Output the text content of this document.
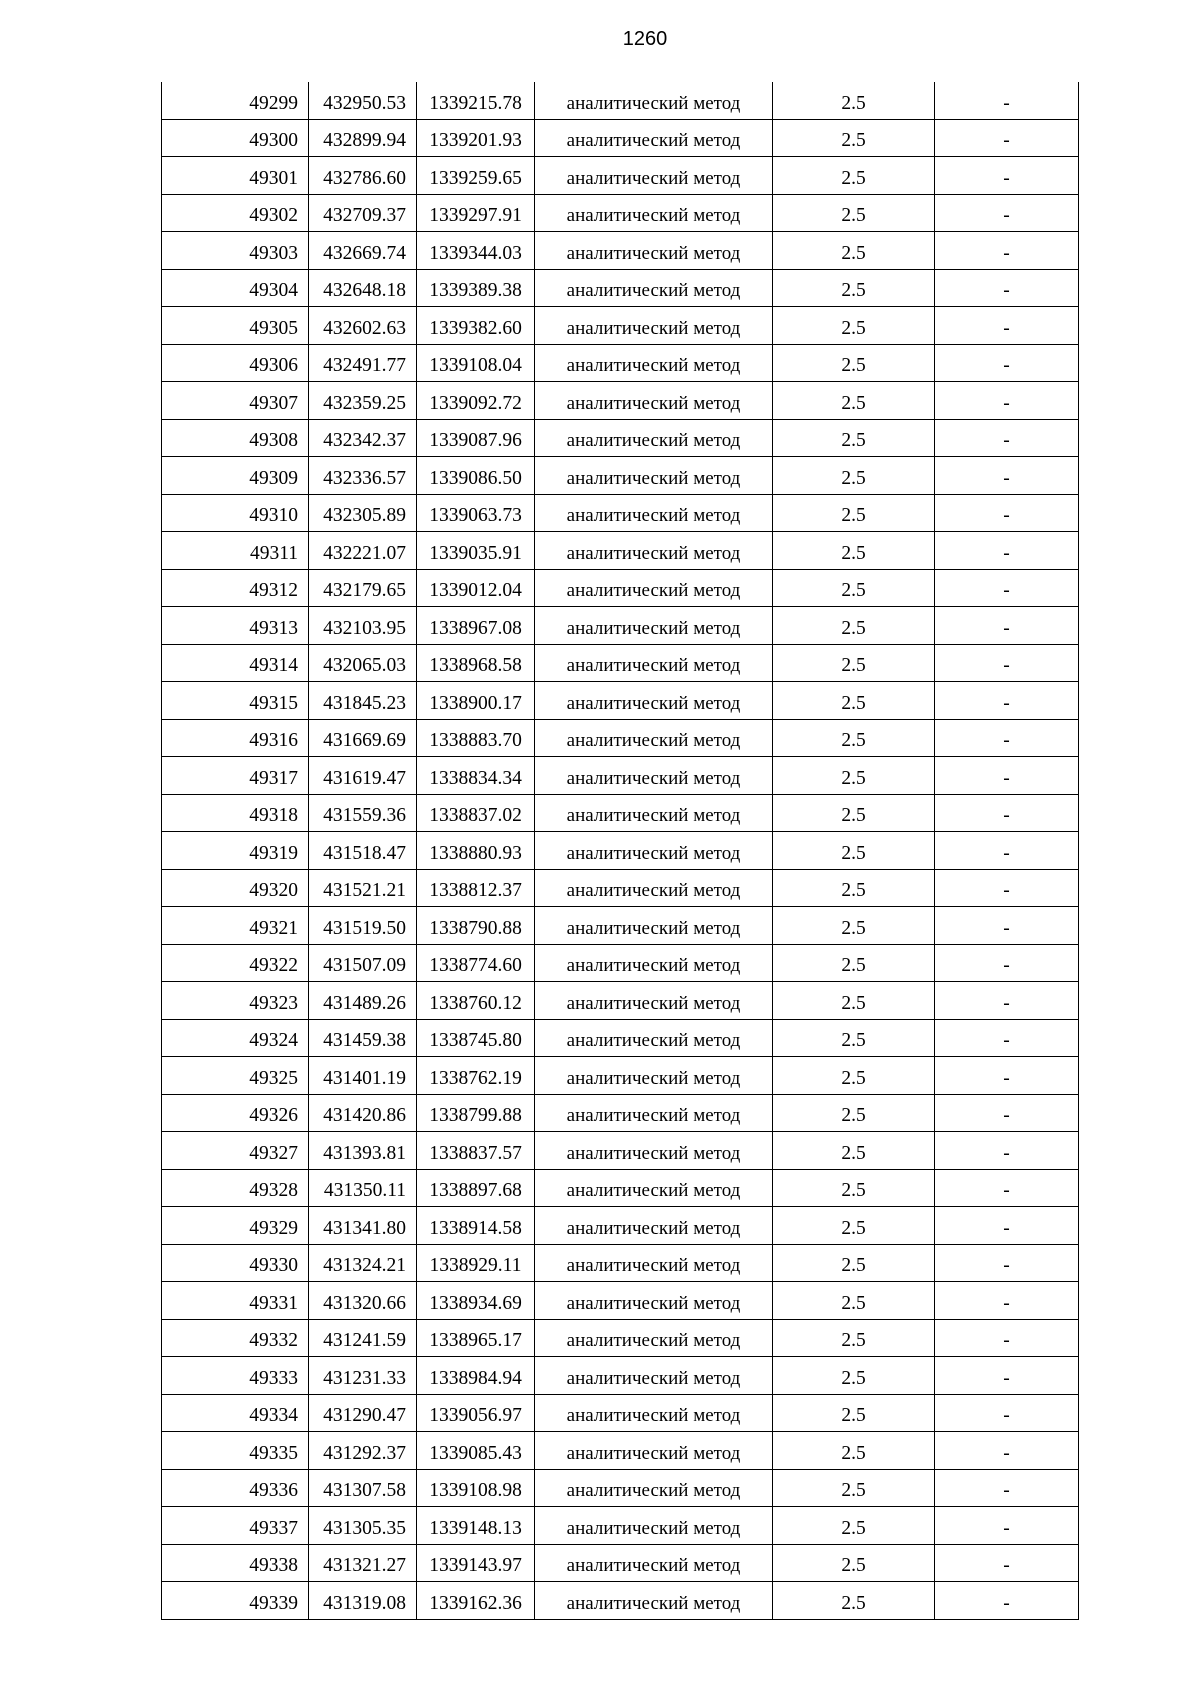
1260
49299	432950.53	1339215.78	аналитический метод	2.5	-
49300	432899.94	1339201.93	аналитический метод	2.5	-
49301	432786.60	1339259.65	аналитический метод	2.5	-
49302	432709.37	1339297.91	аналитический метод	2.5	-
49303	432669.74	1339344.03	аналитический метод	2.5	-
49304	432648.18	1339389.38	аналитический метод	2.5	-
49305	432602.63	1339382.60	аналитический метод	2.5	-
49306	432491.77	1339108.04	аналитический метод	2.5	-
49307	432359.25	1339092.72	аналитический метод	2.5	-
49308	432342.37	1339087.96	аналитический метод	2.5	-
49309	432336.57	1339086.50	аналитический метод	2.5	-
49310	432305.89	1339063.73	аналитический метод	2.5	-
49311	432221.07	1339035.91	аналитический метод	2.5	-
49312	432179.65	1339012.04	аналитический метод	2.5	-
49313	432103.95	1338967.08	аналитический метод	2.5	-
49314	432065.03	1338968.58	аналитический метод	2.5	-
49315	431845.23	1338900.17	аналитический метод	2.5	-
49316	431669.69	1338883.70	аналитический метод	2.5	-
49317	431619.47	1338834.34	аналитический метод	2.5	-
49318	431559.36	1338837.02	аналитический метод	2.5	-
49319	431518.47	1338880.93	аналитический метод	2.5	-
49320	431521.21	1338812.37	аналитический метод	2.5	-
49321	431519.50	1338790.88	аналитический метод	2.5	-
49322	431507.09	1338774.60	аналитический метод	2.5	-
49323	431489.26	1338760.12	аналитический метод	2.5	-
49324	431459.38	1338745.80	аналитический метод	2.5	-
49325	431401.19	1338762.19	аналитический метод	2.5	-
49326	431420.86	1338799.88	аналитический метод	2.5	-
49327	431393.81	1338837.57	аналитический метод	2.5	-
49328	431350.11	1338897.68	аналитический метод	2.5	-
49329	431341.80	1338914.58	аналитический метод	2.5	-
49330	431324.21	1338929.11	аналитический метод	2.5	-
49331	431320.66	1338934.69	аналитический метод	2.5	-
49332	431241.59	1338965.17	аналитический метод	2.5	-
49333	431231.33	1338984.94	аналитический метод	2.5	-
49334	431290.47	1339056.97	аналитический метод	2.5	-
49335	431292.37	1339085.43	аналитический метод	2.5	-
49336	431307.58	1339108.98	аналитический метод	2.5	-
49337	431305.35	1339148.13	аналитический метод	2.5	-
49338	431321.27	1339143.97	аналитический метод	2.5	-
49339	431319.08	1339162.36	аналитический метод	2.5	-
